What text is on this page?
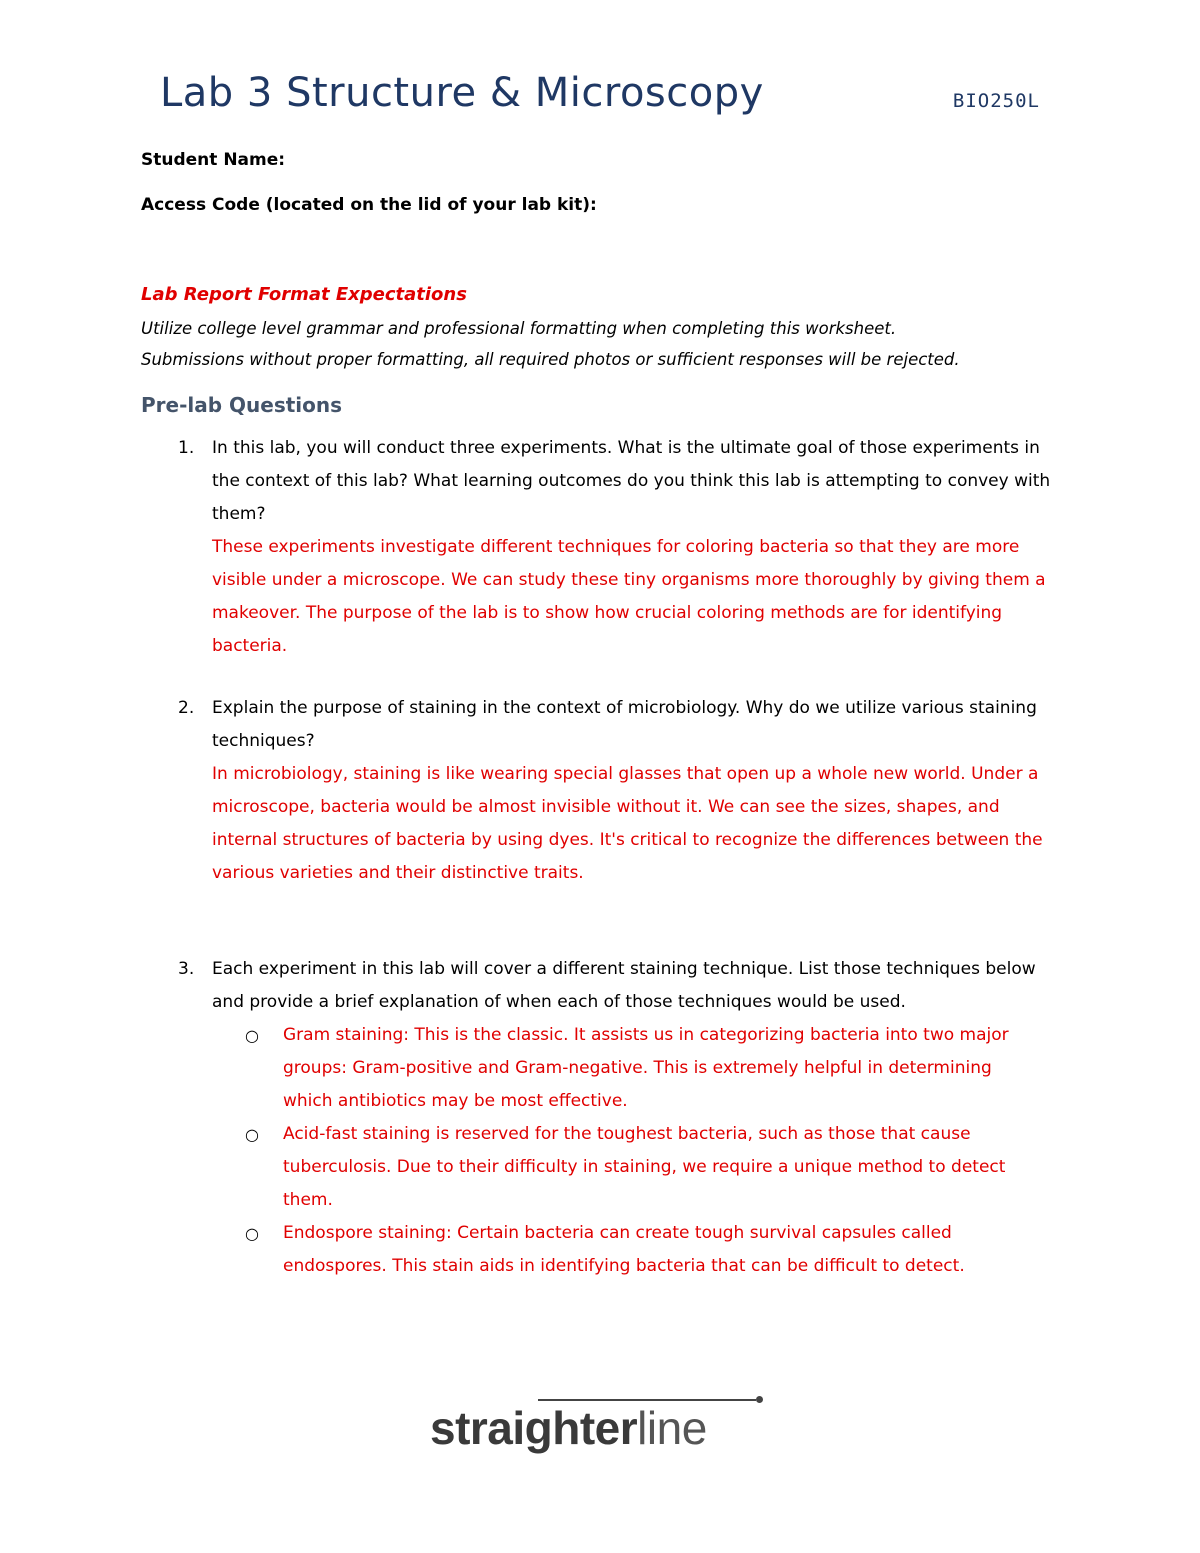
Lab 3 Structure & Microscopy	BIO250L
Student Name:
Access Code (located on the lid of your lab kit):
Lab Report Format Expectations
Utilize college level grammar and professional formatting when completing this worksheet.
Submissions without proper formatting, all required photos or sufficient responses will be rejected.
Pre-lab Questions
1. In this lab, you will conduct three experiments. What is the ultimate goal of those experiments in the context of this lab? What learning outcomes do you think this lab is attempting to convey with them?
These experiments investigate different techniques for coloring bacteria so that they are more visible under a microscope. We can study these tiny organisms more thoroughly by giving them a makeover. The purpose of the lab is to show how crucial coloring methods are for identifying bacteria.
2. Explain the purpose of staining in the context of microbiology. Why do we utilize various staining techniques?
In microbiology, staining is like wearing special glasses that open up a whole new world. Under a microscope, bacteria would be almost invisible without it. We can see the sizes, shapes, and internal structures of bacteria by using dyes. It's critical to recognize the differences between the various varieties and their distinctive traits.
3. Each experiment in this lab will cover a different staining technique. List those techniques below and provide a brief explanation of when each of those techniques would be used.
○ Gram staining: This is the classic. It assists us in categorizing bacteria into two major groups: Gram-positive and Gram-negative. This is extremely helpful in determining which antibiotics may be most effective.
○ Acid-fast staining is reserved for the toughest bacteria, such as those that cause tuberculosis. Due to their difficulty in staining, we require a unique method to detect them.
○ Endospore staining: Certain bacteria can create tough survival capsules called endospores. This stain aids in identifying bacteria that can be difficult to detect.
straighterline
